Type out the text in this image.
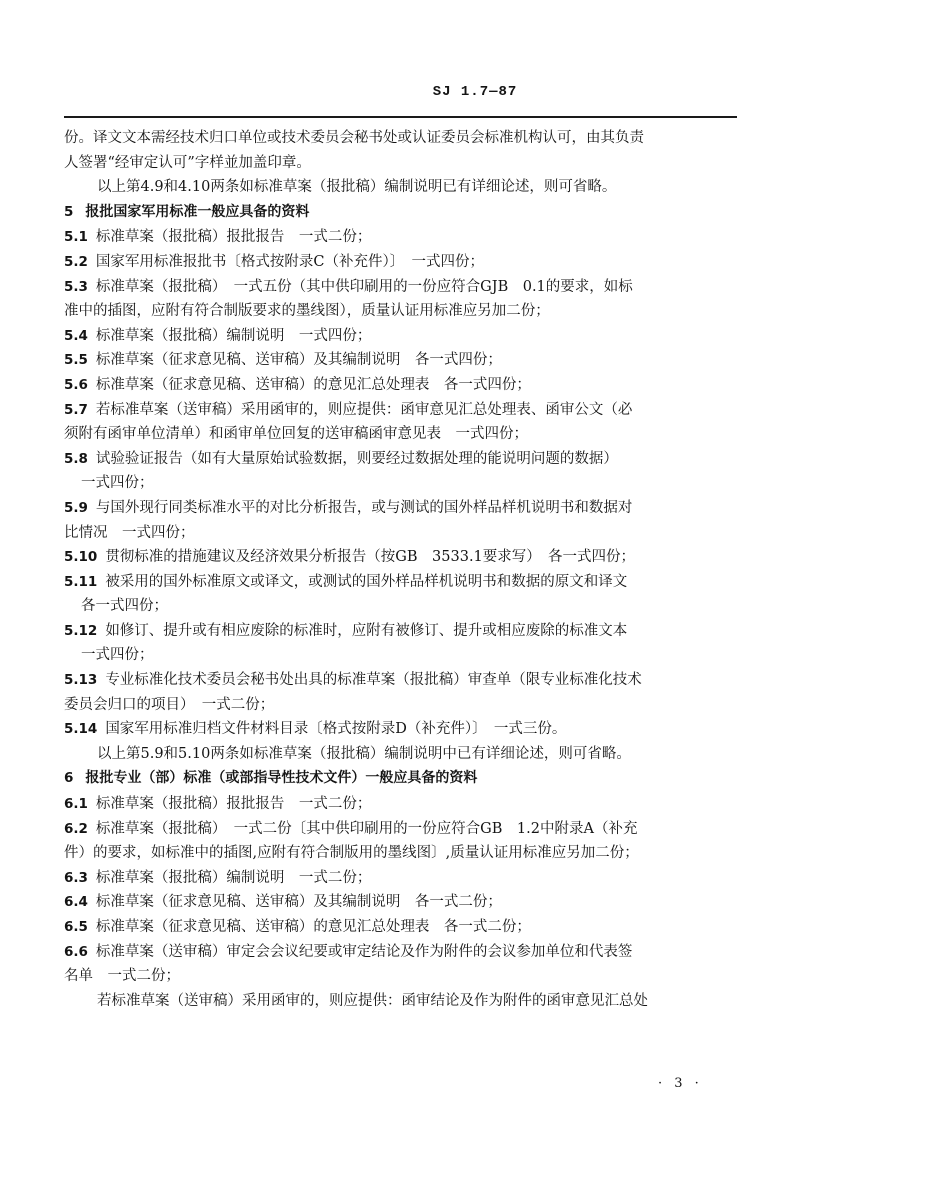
SJ 1.7—87
份。译文文本需经技术归口单位或技术委员会秘书处或认证委员会标准机构认可，由其负责
人签署“经审定认可”字样並加盖印章。
以上第4.9和4.10两条如标准草案（报批稿）编制说明已有详细论述，则可省略。
5 报批国家军用标准一般应具备的资料
5.1 标准草案（报批稿）报批报告　一式二份；
5.2 国家军用标准报批书〔格式按附录C（补充件）〕　一式四份；
5.3 标准草案（报批稿）　一式五份（其中供印刷用的一份应符合GJB　0.1的要求，如标
准中的插图，应附有符合制版要求的墨线图），质量认证用标准应另加二份；
5.4 标准草案（报批稿）编制说明　一式四份；
5.5 标准草案（征求意见稿、送审稿）及其编制说明　各一式四份；
5.6 标准草案（征求意见稿、送审稿）的意见汇总处理表　各一式四份；
5.7 若标准草案（送审稿）采用函审的，则应提供：函审意见汇总处理表、函审公文（必
须附有函审单位清单）和函审单位回复的送审稿函审意见表　一式四份；
5.8 试验验证报告（如有大量原始试验数据，则要经过数据处理的能说明问题的数据）
一式四份；
5.9 与国外现行同类标准水平的对比分析报告，或与测试的国外样品样机说明书和数据对
比情况　一式四份；
5.10 贯彻标准的措施建议及经济效果分析报告（按GB　3533.1要求写）　各一式四份；
5.11 被采用的国外标准原文或译文，或测试的国外样品样机说明书和数据的原文和译文
各一式四份；
5.12 如修订、提升或有相应废除的标准时，应附有被修订、提升或相应废除的标准文本
一式四份；
5.13 专业标准化技术委员会秘书处出具的标准草案（报批稿）审查单（限专业标准化技术
委员会归口的项目）　一式二份；
5.14 国家军用标准归档文件材料目录〔格式按附录D（补充件）〕　一式三份。
以上第5.9和5.10两条如标准草案（报批稿）编制说明中已有详细论述，则可省略。
6 报批专业（部）标准（或部指导性技术文件）一般应具备的资料
6.1 标准草案（报批稿）报批报告　一式二份；
6.2 标准草案（报批稿）　一式二份〔其中供印刷用的一份应符合GB　1.2中附录A（补充
件）的要求，如标准中的插图,应附有符合制版用的墨线图〕,质量认证用标准应另加二份；
6.3 标准草案（报批稿）编制说明　一式二份；
6.4 标准草案（征求意见稿、送审稿）及其编制说明　各一式二份；
6.5 标准草案（征求意见稿、送审稿）的意见汇总处理表　各一式二份；
6.6 标准草案（送审稿）审定会会议纪要或审定结论及作为附件的会议参加单位和代表签
名单　一式二份；
若标准草案（送审稿）采用函审的，则应提供：函审结论及作为附件的函审意见汇总处
· 3 ·
